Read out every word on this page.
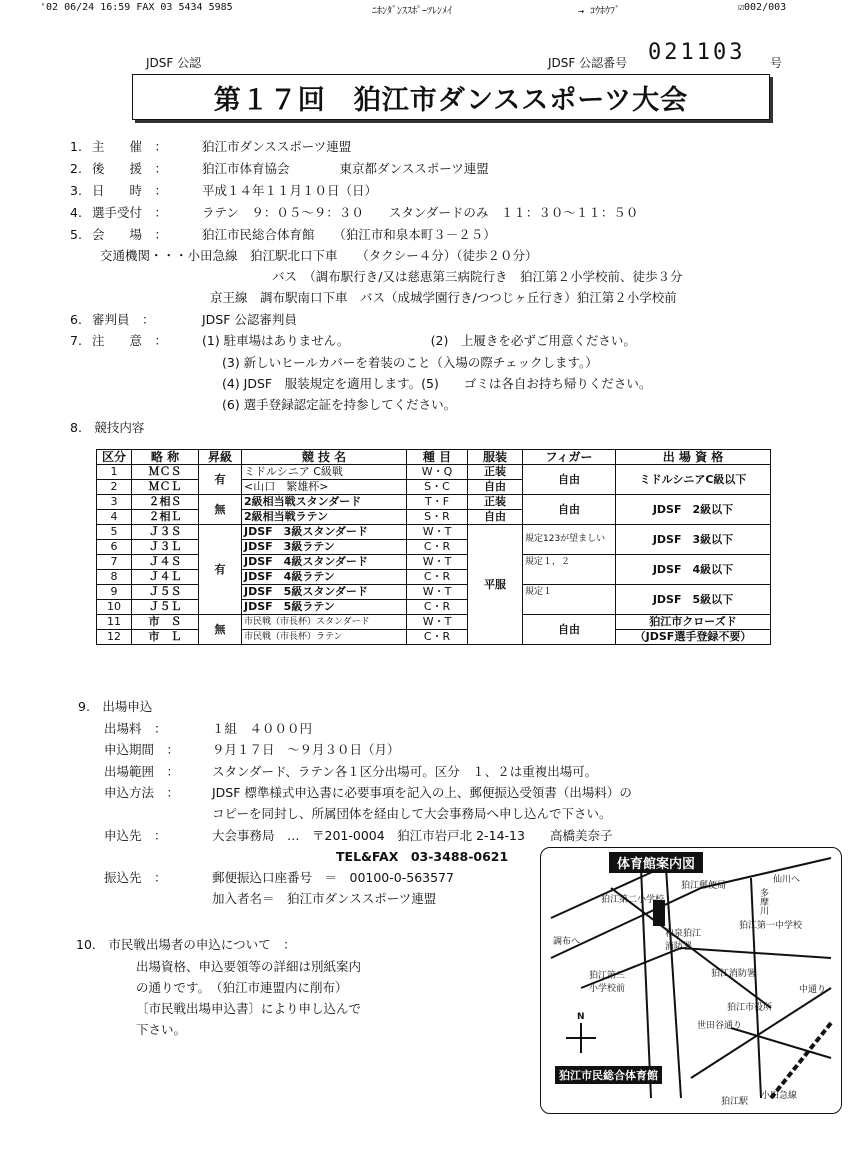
'02 06/24 16:59 FAX 03 5434 5985	ﾆﾎﾝﾀﾞﾝｽｽﾎﾟｰﾂﾚﾝﾒｲ	→ ｺｳﾎｳﾌﾞ	☑002/003
JDSF 公認	JDSF 公認番号 021103 号
第１７回　狛江市ダンススポーツ大会
1. 主　　催　：	狛江市ダンススポーツ連盟
2. 後　　援　：	狛江市体育協会　　　　東京都ダンススポーツ連盟
3. 日　　時　：	平成１４年１１月１０日（日）
4. 選手受付　：	ラテン　９：０５〜９：３０　　スタンダードのみ　１１：３０〜１１：５０
5. 会　　場　：	狛江市民総合体育館　　（狛江市和泉本町３－２５）
交通機関・・・小田急線　狛江駅北口下車　　（タクシー４分）（徒歩２０分）
バス　（調布駅行き/又は慈恵第三病院行き　狛江第２小学校前、徒歩３分
京王線　調布駅南口下車　バス（成城学園行き/つつじヶ丘行き）狛江第２小学校前
6. 審判員　：	JDSF 公認審判員
7. 注　　意　：	(1) 駐車場はありません。　　　　　　　(2)　上履きを必ずご用意ください。
(3) 新しいヒールカバーを着装のこと（入場の際チェックします。）
(4) JDSF　服装規定を適用します。(5)　　ゴミは各自お持ち帰りください。
(6) 選手登録認定証を持参してください。
8.　競技内容
区分	略 称	昇級	競 技 名	種 目	服装	フィガー	出 場 資 格
1	ＭＣＳ	有	ミドルシニア C級戦	W・Q	正装	自由	ミドルシニアC級以下
2	ＭＣＬ		<山口　繁雄杯>	S・C	自由		
3	２相Ｓ	無	2級相当戦スタンダード	T・F	正装	自由	JDSF　2級以下
4	２相Ｌ		2級相当戦ラテン	S・R	自由		
5	Ｊ３Ｓ	有	JDSF　3級スタンダード	W・T	平服	規定123が望ましい	JDSF　3級以下
6	Ｊ３Ｌ		JDSF　3級ラテン	C・R			
7	Ｊ４Ｓ		JDSF　4級スタンダード	W・T		規定１，２	JDSF　4級以下
8	Ｊ４Ｌ		JDSF　4級ラテン	C・R			
9	Ｊ５Ｓ		JDSF　5級スタンダード	W・T		規定１	JDSF　5級以下
10	Ｊ５Ｌ		JDSF　5級ラテン	C・R			
11	市　Ｓ	無	市民戦（市長杯）スタンダード	W・T		自由	狛江市クローズド
12	市　Ｌ		市民戦（市長杯）ラテン	C・R			（JDSF選手登録不要）
9.　出場申込
出場料　：	１組　４０００円
申込期間　：	９月１７日　〜９月３０日（月）
出場範囲　：	スタンダード、ラテン各１区分出場可。区分　１、２は重複出場可。
申込方法　：	JDSF 標準様式申込書に必要事項を記入の上、郵便振込受領書（出場料）の
コピーを同封し、所属団体を経由して大会事務局へ申し込んで下さい。
申込先　：	大会事務局　…　〒201-0004　狛江市岩戸北 2-14-13　　高橋美奈子
TEL&FAX　03-3488-0621
振込先　：	郵便振込口座番号　＝　00100-0-563577
加入者名＝　狛江市ダンススポーツ連盟
10.　市民戦出場者の申込について　：
出場資格、申込要領等の詳細は別紙案内
の通りです。　（狛江市連盟内に削布）
〔市民戦出場申込書〕により申し込んで
下さい。
体育館案内図
狛江郵便局
仙川へ
多摩川
狛江第一中学校
狛江第二小学校
和泉狛江消防署
狛江消防署
狛江第三小学校前	中通り
狛江市役所
世田谷通り
小田急線
狛江駅
狛江市民総合体育館
調布へ
N
